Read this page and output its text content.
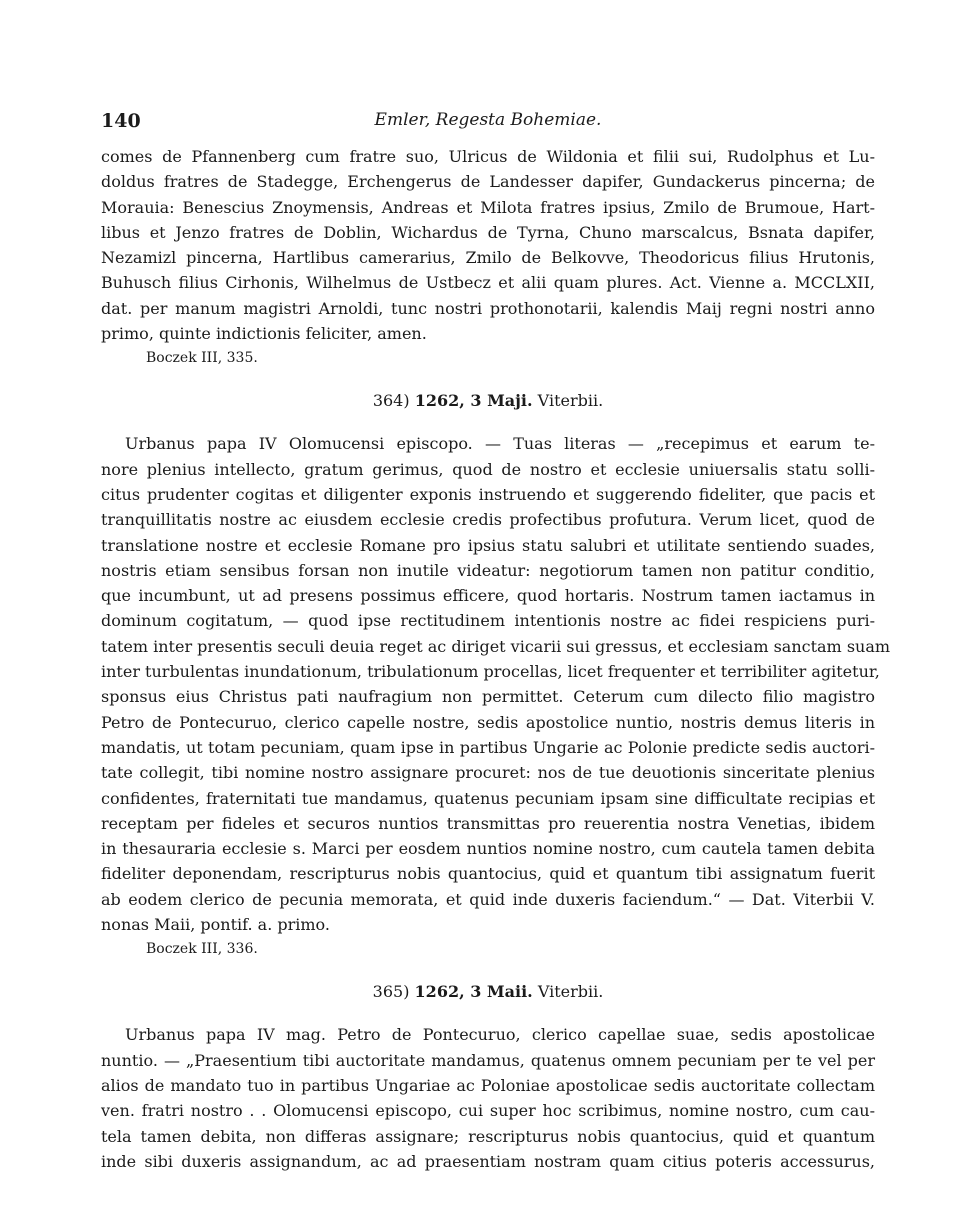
140	Emler, Regesta Bohemiae.
comes de Pfannenberg cum fratre suo, Ulricus de Wildonia et filii sui, Rudolphus et Lu-
doldus fratres de Stadegge, Erchengerus de Landesser dapifer, Gundackerus pincerna; de
Morauia: Benescius Znoymensis, Andreas et Milota fratres ipsius, Zmilo de Brumoue, Hart-
libus et Jenzo fratres de Doblin, Wichardus de Tyrna, Chuno marscalcus, Bsnata dapifer,
Nezamizl pincerna, Hartlibus camerarius, Zmilo de Belkovve, Theodoricus filius Hrutonis,
Buhusch filius Cirhonis, Wilhelmus de Ustbecz et alii quam plures. Act. Vienne a. MCCLXII,
dat. per manum magistri Arnoldi, tunc nostri prothonotarii, kalendis Maij regni nostri anno
primo, quinte indictionis feliciter, amen.
Boczek III, 335.
364) 1262, 3 Maji. Viterbii.
Urbanus papa IV Olomucensi episcopo. — Tuas literas — „recepimus et earum te-
nore plenius intellecto, gratum gerimus, quod de nostro et ecclesie uniuersalis statu solli-
citus prudenter cogitas et diligenter exponis instruendo et suggerendo fideliter, que pacis et
tranquillitatis nostre ac eiusdem ecclesie credis profectibus profutura. Verum licet, quod de
translatione nostre et ecclesie Romane pro ipsius statu salubri et utilitate sentiendo suades,
nostris etiam sensibus forsan non inutile videatur: negotiorum tamen non patitur conditio,
que incumbunt, ut ad presens possimus efficere, quod hortaris. Nostrum tamen iactamus in
dominum cogitatum, — quod ipse rectitudinem intentionis nostre ac fidei respiciens puri-
tatem inter presentis seculi deuia reget ac diriget vicarii sui gressus, et ecclesiam sanctam suam
inter turbulentas inundationum, tribulationum procellas, licet frequenter et terribiliter agitetur,
sponsus eius Christus pati naufragium non permittet. Ceterum cum dilecto filio magistro
Petro de Pontecuruo, clerico capelle nostre, sedis apostolice nuntio, nostris demus literis in
mandatis, ut totam pecuniam, quam ipse in partibus Ungarie ac Polonie predicte sedis auctori-
tate collegit, tibi nomine nostro assignare procuret: nos de tue deuotionis sinceritate plenius
confidentes, fraternitati tue mandamus, quatenus pecuniam ipsam sine difficultate recipias et
receptam per fideles et securos nuntios transmittas pro reuerentia nostra Venetias, ibidem
in thesauraria ecclesie s. Marci per eosdem nuntios nomine nostro, cum cautela tamen debita
fideliter deponendam, rescripturus nobis quantocius, quid et quantum tibi assignatum fuerit
ab eodem clerico de pecunia memorata, et quid inde duxeris faciendum.“ — Dat. Viterbii V.
nonas Maii, pontif. a. primo.
Boczek III, 336.
365) 1262, 3 Maii. Viterbii.
Urbanus papa IV mag. Petro de Pontecuruo, clerico capellae suae, sedis apostolicae
nuntio. — „Praesentium tibi auctoritate mandamus, quatenus omnem pecuniam per te vel per
alios de mandato tuo in partibus Ungariae ac Poloniae apostolicae sedis auctoritate collectam
ven. fratri nostro . . Olomucensi episcopo, cui super hoc scribimus, nomine nostro, cum cau-
tela tamen debita, non differas assignare; rescripturus nobis quantocius, quid et quantum
inde sibi duxeris assignandum, ac ad praesentiam nostram quam citius poteris accessurus,
